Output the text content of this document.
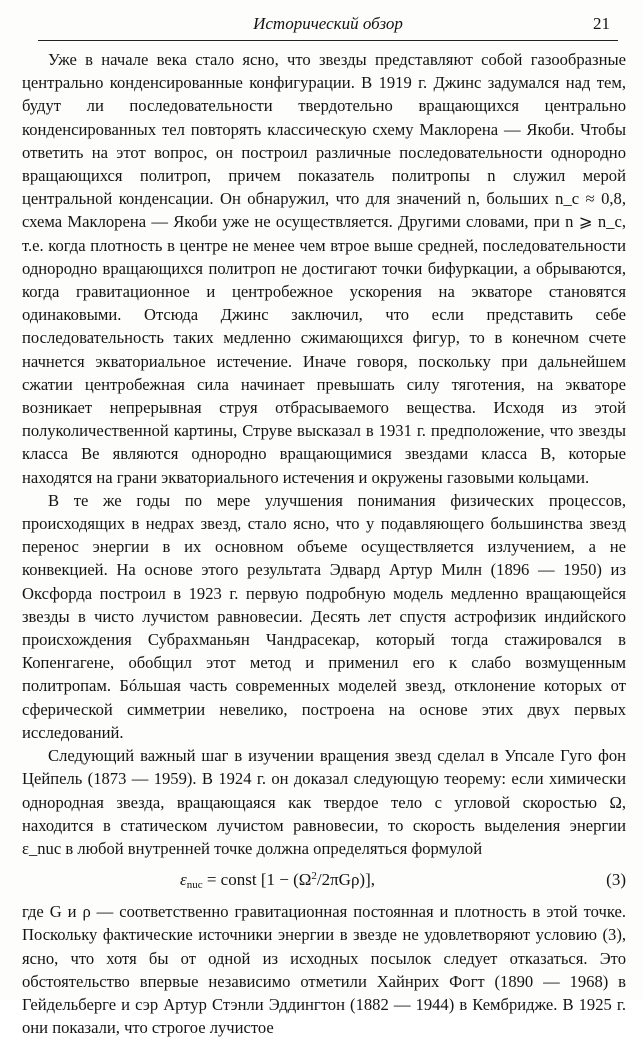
Исторический обзор	21

Уже в начале века стало ясно, что звезды представляют собой газообразные центрально конденсированные конфигурации. В 1919 г. Джинс задумался над тем, будут ли последовательности твердотельно вращающихся центрально конденсированных тел повторять классическую схему Маклорена — Якоби. Чтобы ответить на этот вопрос, он построил различные последовательности однородно вращающихся политроп, причем показатель политропы n служил мерой центральной конденсации. Он обнаружил, что для значений n, больших n_c ≈ 0,8, схема Маклорена — Якоби уже не осуществляется. Другими словами, при n ⩾ n_c, т.е. когда плотность в центре не менее чем втрое выше средней, последовательности однородно вращающихся политроп не достигают точки бифуркации, а обрываются, когда гравитационное и центробежное ускорения на экваторе становятся одинаковыми. Отсюда Джинс заключил, что если представить себе последовательность таких медленно сжимающихся фигур, то в конечном счете начнется экваториальное истечение. Иначе говоря, поскольку при дальнейшем сжатии центробежная сила начинает превышать силу тяготения, на экваторе возникает непрерывная струя отбрасываемого вещества. Исходя из этой полуколичественной картины, Струве высказал в 1931 г. предположение, что звезды класса Be являются однородно вращающимися звездами класса B, которые находятся на грани экваториального истечения и окружены газовыми кольцами.

В те же годы по мере улучшения понимания физических процессов, происходящих в недрах звезд, стало ясно, что у подавляющего большинства звезд перенос энергии в их основном объеме осуществляется излучением, а не конвекцией. На основе этого результата Эдвард Артур Милн (1896 — 1950) из Оксфорда построил в 1923 г. первую подробную модель медленно вращающейся звезды в чисто лучистом равновесии. Десять лет спустя астрофизик индийского происхождения Субрахманьян Чандрасекар, который тогда стажировался в Копенгагене, обобщил этот метод и применил его к слабо возмущенным политропам. Бóльшая часть современных моделей звезд, отклонение которых от сферической симметрии невелико, построена на основе этих двух первых исследований.

Следующий важный шаг в изучении вращения звезд сделал в Упсале Гуго фон Цейпель (1873 — 1959). В 1924 г. он доказал следующую теорему: если химически однородная звезда, вращающаяся как твердое тело с угловой скоростью Ω, находится в статическом лучистом равновесии, то скорость выделения энергии ε_nuc в любой внутренней точке должна определяться формулой

εnuc = const $[1 - (\Omega^2/2\pi G\rho)]$,	(3)

где G и ρ — соответственно гравитационная постоянная и плотность в этой точке. Поскольку фактические источники энергии в звезде не удовлетворяют условию (3), ясно, что хотя бы от одной из исходных посылок следует отказаться. Это обстоятельство впервые независимо отметили Хайнрих Фогт (1890 — 1968) в Гейдельберге и сэр Артур Стэнли Эддингтон (1882 — 1944) в Кембридже. В 1925 г. они показали, что строгое лучистое
